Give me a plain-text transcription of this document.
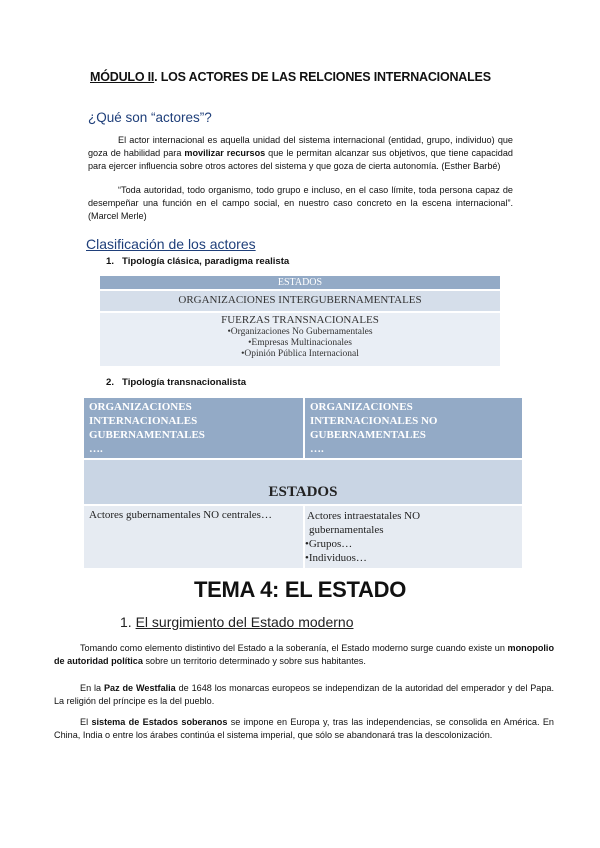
MÓDULO II. LOS ACTORES DE LAS RELCIONES INTERNACIONALES
¿Qué son “actores”?
El actor internacional es aquella unidad del sistema internacional (entidad, grupo, individuo) que goza de habilidad para movilizar recursos que le permitan alcanzar sus objetivos, que tiene capacidad para ejercer influencia sobre otros actores del sistema y que goza de cierta autonomía. (Esther Barbé)
“Toda autoridad, todo organismo, todo grupo e incluso, en el caso límite, toda persona capaz de desempeñar una función en el campo social, en nuestro caso concreto en la escena internacional”. (Marcel Merle)
Clasificación de los actores
1. Tipología clásica, paradigma realista
ESTADOS
ORGANIZACIONES INTERGUBERNAMENTALES
FUERZAS TRANSNACIONALES
•Organizaciones No Gubernamentales
•Empresas Multinacionales
•Opinión Pública Internacional
2. Tipología transnacionalista
ORGANIZACIONES
INTERNACIONALES
GUBERNAMENTALES
….
ORGANIZACIONES
INTERNACIONALES NO
GUBERNAMENTALES
….
ESTADOS
Actores gubernamentales NO centrales…	Actores intraestatales NO
gubernamentales
•Grupos…
•Individuos…
TEMA 4: EL ESTADO
1. El surgimiento del Estado moderno
Tomando como elemento distintivo del Estado a la soberanía, el Estado moderno surge cuando existe un monopolio de autoridad política sobre un territorio determinado y sobre sus habitantes.
En la Paz de Westfalia de 1648 los monarcas europeos se independizan de la autoridad del emperador y del Papa. La religión del príncipe es la del pueblo.
El sistema de Estados soberanos se impone en Europa y, tras las independencias, se consolida en América. En China, India o entre los árabes continúa el sistema imperial, que sólo se abandonará tras la descolonización.
